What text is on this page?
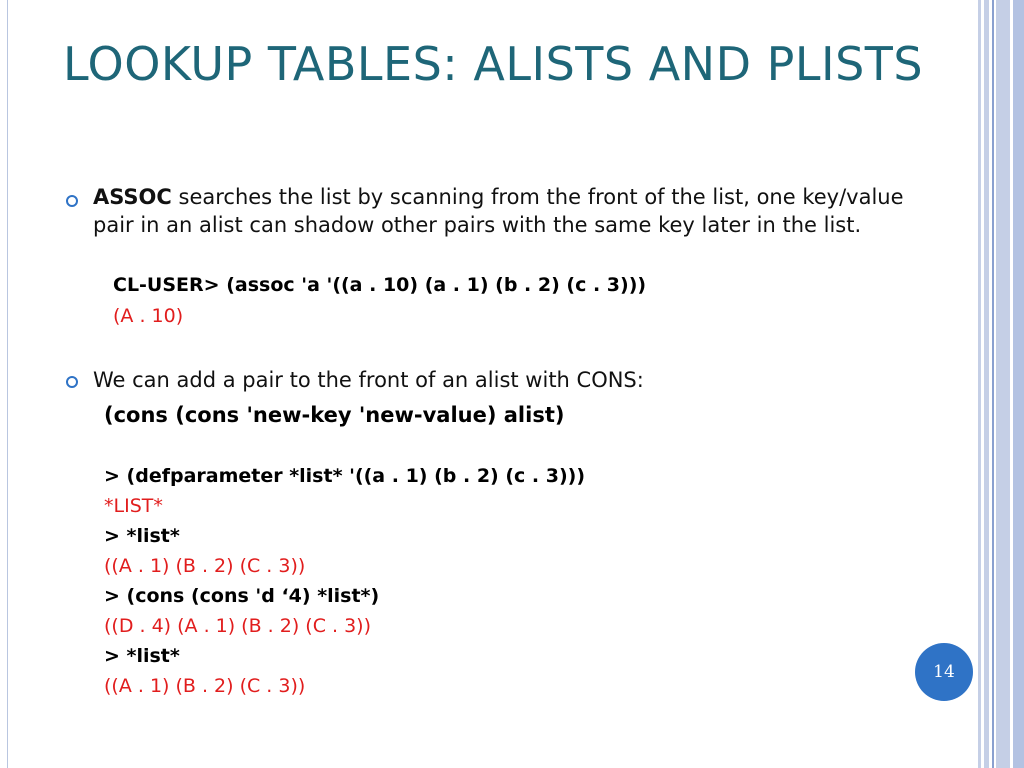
LOOKUP TABLES: ALISTS AND PLISTS
ASSOC searches the list by scanning from the front of the list, one key/value pair in an alist can shadow other pairs with the same key later in the list.
CL-USER> (assoc 'a '((a . 10) (a . 1) (b . 2) (c . 3)))
(A . 10)
We can add a pair to the front of an alist with CONS:
(cons (cons 'new-key 'new-value) alist)
> (defparameter *list* '((a . 1) (b . 2) (c . 3)))
*LIST*
> *list*
((A . 1) (B . 2) (C . 3))
> (cons (cons 'd ‘4) *list*)
((D . 4) (A . 1) (B . 2) (C . 3))
> *list*
((A . 1) (B . 2) (C . 3))
14
